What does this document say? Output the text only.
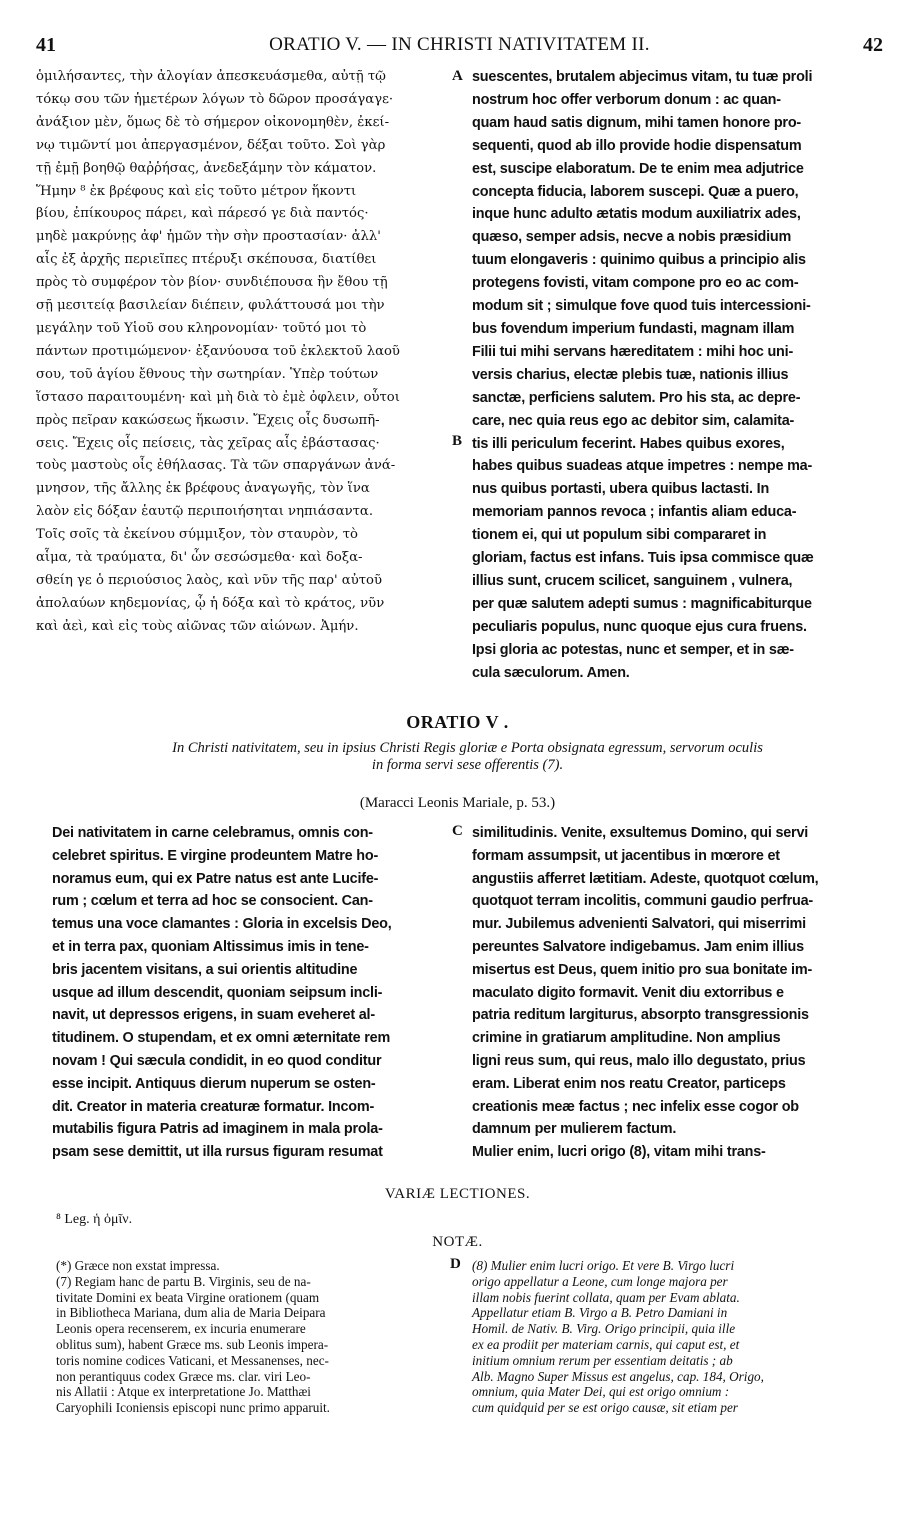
41	ORATIO V. — IN CHRISTI NATIVITATEM II.	42

ὁμιλήσαντες, τὴν ἀλογίαν ἀπεσκευάσμεθα, αὐτῇ τῷ

τόκῳ σου τῶν ἡμετέρων λόγων τὸ δῶρον προσάγαγε·

ἀνάξιον μὲν, ὅμως δὲ τὸ σήμερον οἰκονομηθὲν, ἐκεί-

νῳ τιμῶντί μοι ἀπεργασμένον, δέξαι τοῦτο. Σοὶ γὰρ

τῇ ἐμῇ βοηθῷ θαῤῥήσας, ἀνεδεξάμην τὸν κάματον.

Ἥμην ⁸ ἐκ βρέφους καὶ εἰς τοῦτο μέτρον ἥκοντι

βίου, ἐπίκουρος πάρει, καὶ πάρεσό γε διὰ παντός·

μηδὲ μακρύνῃς ἀφ' ἡμῶν τὴν σὴν προστασίαν· ἀλλ'

αἷς ἐξ ἀρχῆς περιεῖπες πτέρυξι σκέπουσα, διατίθει

πρὸς τὸ συμφέρον τὸν βίον· συνδιέπουσα ἣν ἔθου τῇ

σῇ μεσιτείᾳ βασιλείαν διέπειν, φυλάττουσά μοι τὴν

μεγάλην τοῦ Υἱοῦ σου κληρονομίαν· τοῦτό μοι τὸ

πάντων προτιμώμενον· ἐξανύουσα τοῦ ἐκλεκτοῦ λαοῦ

σου, τοῦ ἁγίου ἔθνους τὴν σωτηρίαν. Ὑπὲρ τούτων

ἵστασο παραιτουμένη· καὶ μὴ διὰ τὸ ἐμὲ ὀφλειν, οὗτοι

πρὸς πεῖραν κακώσεως ἥκωσιν. Ἔχεις οἷς δυσωπῆ-

σεις. Ἔχεις οἷς πείσεις, τὰς χεῖρας αἷς ἐβάστασας·

τοὺς μαστοὺς οἷς ἐθήλασας. Τὰ τῶν σπαργάνων ἀνά-

μνησον, τῆς ἄλλης ἐκ βρέφους ἀναγωγῆς, τὸν ἵνα

λαὸν εἰς δόξαν ἑαυτῷ περιποιήσηται νηπιάσαντα.

Τοῖς σοῖς τὰ ἐκείνου σύμμιξον, τὸν σταυρὸν, τὸ

αἷμα, τὰ τραύματα, δι' ὧν σεσώσμεθα· καὶ δοξα-

σθείη γε ὁ περιούσιος λαὸς, καὶ νῦν τῆς παρ' αὐτοῦ

ἀπολαύων κηδεμονίας, ᾧ ἡ δόξα καὶ τὸ κράτος, νῦν

καὶ ἀεὶ, καὶ εἰς τοὺς αἰῶνας τῶν αἰώνων. Ἀμήν.

A
B

suescentes, brutalem abjecimus vitam, tu tuæ proli

nostrum hoc offer verborum donum : ac quan-

quam haud satis dignum, mihi tamen honore pro-

sequenti, quod ab illo provide hodie dispensatum

est, suscipe elaboratum. De te enim mea adjutrice

concepta fiducia, laborem suscepi. Quæ a puero,

inque hunc adulto ætatis modum auxiliatrix ades,

quæso, semper adsis, necve a nobis præsidium

tuum elongaveris : quinimo quibus a principio alis

protegens fovisti, vitam compone pro eo ac com-

modum sit ; simulque fove quod tuis intercessioni-

bus fovendum imperium fundasti, magnam illam

Filii tui mihi servans hæreditatem : mihi hoc uni-

versis charius, electæ plebis tuæ, nationis illius

sanctæ, perficiens salutem. Pro his sta, ac depre-

care, nec quia reus ego ac debitor sim, calamita-

tis illi periculum fecerint. Habes quibus exores,

habes quibus suadeas atque impetres : nempe ma-

nus quibus portasti, ubera quibus lactasti. In

memoriam pannos revoca ; infantis aliam educa-

tionem ei, qui ut populum sibi compararet in

gloriam, factus est infans. Tuis ipsa commisce quæ

illius sunt, crucem scilicet, sanguinem , vulnera,

per quæ salutem adepti sumus : magnificabiturque

peculiaris populus, nunc quoque ejus cura fruens.

Ipsi gloria ac potestas, nunc et semper, et in sæ-

cula sæculorum. Amen.

ORATIO V .
In Christi nativitatem, seu in ipsius Christi Regis gloriæ e Porta obsignata egressum, servorum oculis
in forma servi sese offerentis (7).
(Maracci Leonis Mariale, p. 53.)

Dei nativitatem in carne celebramus, omnis con-

celebret spiritus. E virgine prodeuntem Matre ho-

noramus eum, qui ex Patre natus est ante Lucife-

rum ; cœlum et terra ad hoc se consocient. Can-

temus una voce clamantes : Gloria in excelsis Deo,

et in terra pax, quoniam Altissimus imis in tene-

bris jacentem visitans, a sui orientis altitudine

usque ad illum descendit, quoniam seipsum incli-

navit, ut depressos erigens, in suam eveheret al-

titudinem. O stupendam, et ex omni æternitate rem

novam ! Qui sæcula condidit, in eo quod conditur

esse incipit. Antiquus dierum nuperum se osten-

dit. Creator in materia creaturæ formatur. Incom-

mutabilis figura Patris ad imaginem in mala prola-

psam sese demittit, ut illa rursus figuram resumat

C similitudinis. Venite, exsultemus Domino, qui servi

formam assumpsit, ut jacentibus in mœrore et

angustiis afferret lætitiam. Adeste, quotquot cœlum,

quotquot terram incolitis, communi gaudio perfrua-

mur. Jubilemus advenienti Salvatori, qui miserrimi

pereuntes Salvatore indigebamus. Jam enim illius

misertus est Deus, quem initio pro sua bonitate im-

maculato digito formavit. Venit diu extorribus e

patria reditum largiturus, absorpto transgressionis

crimine in gratiarum amplitudine. Non amplius

ligni reus sum, qui reus, malo illo degustato, prius

eram. Liberat enim nos reatu Creator, particeps

creationis meæ factus ; nec infelix esse cogor ob

damnum per mulierem factum.

Mulier enim, lucri origo (8), vitam mihi trans-

VARIÆ LECTIONES.
⁸ Leg. ἡ ὁμῖν.
NOTÆ.
D

(*) Græce non exstat impressa.

(7) Regiam hanc de partu B. Virginis, seu de na-

tivitate Domini ex beata Virgine orationem (quam

in Bibliotheca Mariana, dum alia de Maria Deipara

Leonis opera recenserem, ex incuria enumerare

oblitus sum), habent Græce ms. sub Leonis impera-

toris nomine codices Vaticani, et Messanenses, nec-

non perantiquus codex Græce ms. clar. viri Leo-

nis Allatii : Atque ex interpretatione Jo. Matthæi

Caryophili Iconiensis episcopi nunc primo apparuit.

(8) Mulier enim lucri origo. Et vere B. Virgo lucri

origo appellatur a Leone, cum longe majora per

illam nobis fuerint collata, quam per Evam ablata.

Appellatur etiam B. Virgo a B. Petro Damiani in

Homil. de Nativ. B. Virg. Origo principii, quia ille

ex ea prodiit per materiam carnis, qui caput est, et

initium omnium rerum per essentiam deitatis ; ab

Alb. Magno Super Missus est angelus, cap. 184, Origo,

omnium, quia Mater Dei, qui est origo omnium :

cum quidquid per se est origo causæ, sit etiam per
